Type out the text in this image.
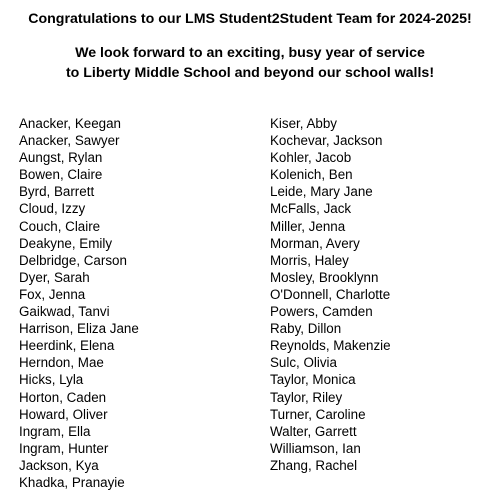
Congratulations to our LMS Student2Student Team for 2024-2025!
We look forward to an exciting, busy year of service
to Liberty Middle School and beyond our school walls!
Anacker, Keegan
Anacker, Sawyer
Aungst, Rylan
Bowen, Claire
Byrd, Barrett
Cloud, Izzy
Couch, Claire
Deakyne, Emily
Delbridge, Carson
Dyer, Sarah
Fox, Jenna
Gaikwad, Tanvi
Harrison, Eliza Jane
Heerdink, Elena
Herndon, Mae
Hicks, Lyla
Horton, Caden
Howard, Oliver
Ingram, Ella
Ingram, Hunter
Jackson, Kya
Khadka, Pranayie
Kiser, Abby
Kochevar, Jackson
Kohler, Jacob
Kolenich, Ben
Leide, Mary Jane
McFalls, Jack
Miller, Jenna
Morman, Avery
Morris, Haley
Mosley, Brooklynn
O'Donnell, Charlotte
Powers, Camden
Raby, Dillon
Reynolds, Makenzie
Sulc, Olivia
Taylor, Monica
Taylor, Riley
Turner, Caroline
Walter, Garrett
Williamson, Ian
Zhang, Rachel
